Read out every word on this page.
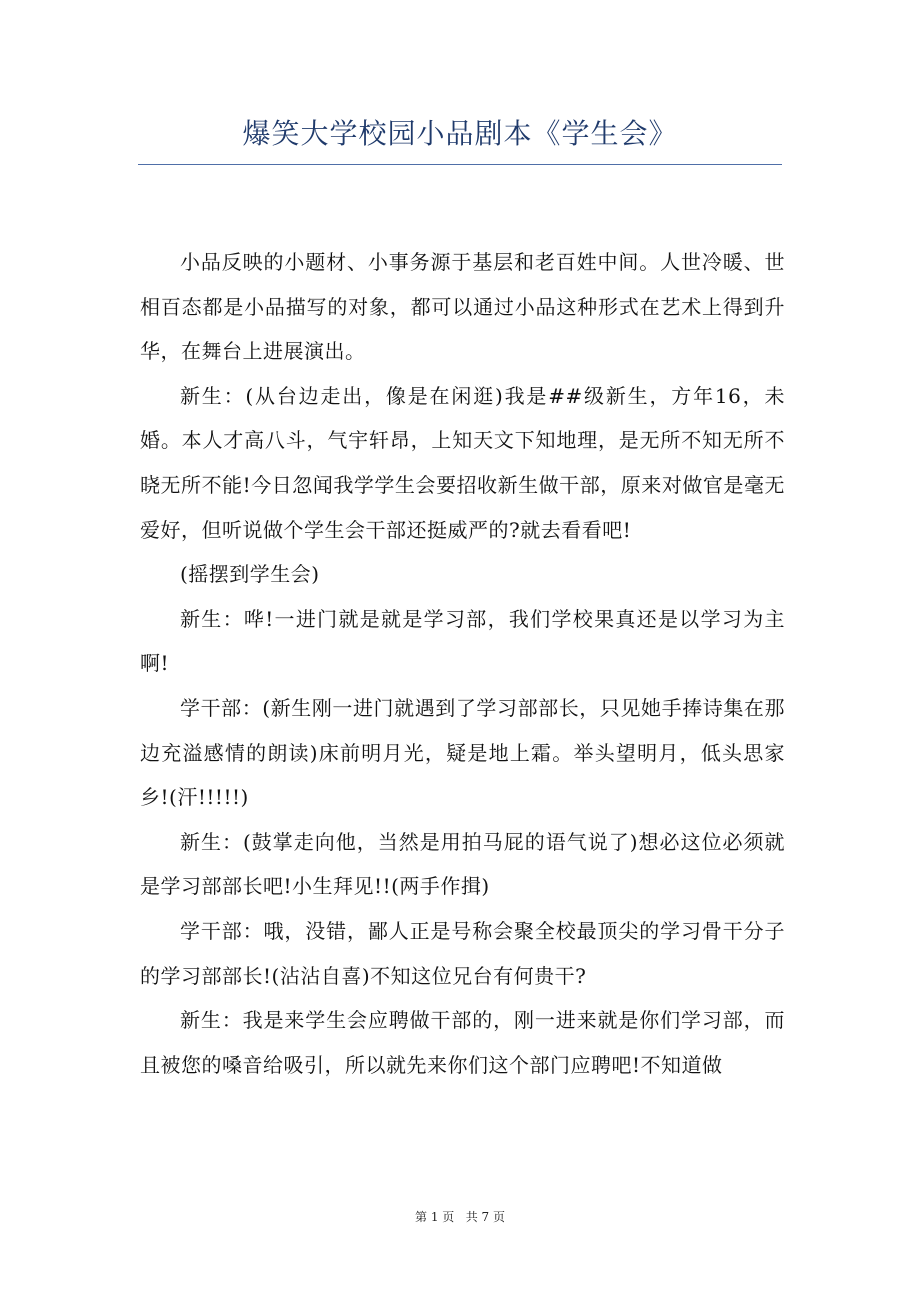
爆笑大学校园小品剧本《学生会》

小品反映的小题材、小事务源于基层和老百姓中间。人世冷暖、世相百态都是小品描写的对象，都可以通过小品这种形式在艺术上得到升华，在舞台上进展演出。

新生：(从台边走出，像是在闲逛)我是##级新生，方年16，未婚。本人才高八斗，气宇轩昂，上知天文下知地理，是无所不知无所不晓无所不能!今日忽闻我学学生会要招收新生做干部，原来对做官是毫无爱好，但听说做个学生会干部还挺威严的?就去看看吧!

(摇摆到学生会)

新生：哗!一进门就是就是学习部，我们学校果真还是以学习为主啊!

学干部：(新生刚一进门就遇到了学习部部长，只见她手捧诗集在那边充溢感情的朗读)床前明月光，疑是地上霜。举头望明月，低头思家乡!(汗!!!!!)

新生：(鼓掌走向他，当然是用拍马屁的语气说了)想必这位必须就是学习部部长吧!小生拜见!!(两手作揖)

学干部：哦，没错，鄙人正是号称会聚全校最顶尖的学习骨干分子的学习部部长!(沾沾自喜)不知这位兄台有何贵干?

新生：我是来学生会应聘做干部的，刚一进来就是你们学习部，而且被您的嗓音给吸引，所以就先来你们这个部门应聘吧!不知道做

第 1 页 共 7 页
